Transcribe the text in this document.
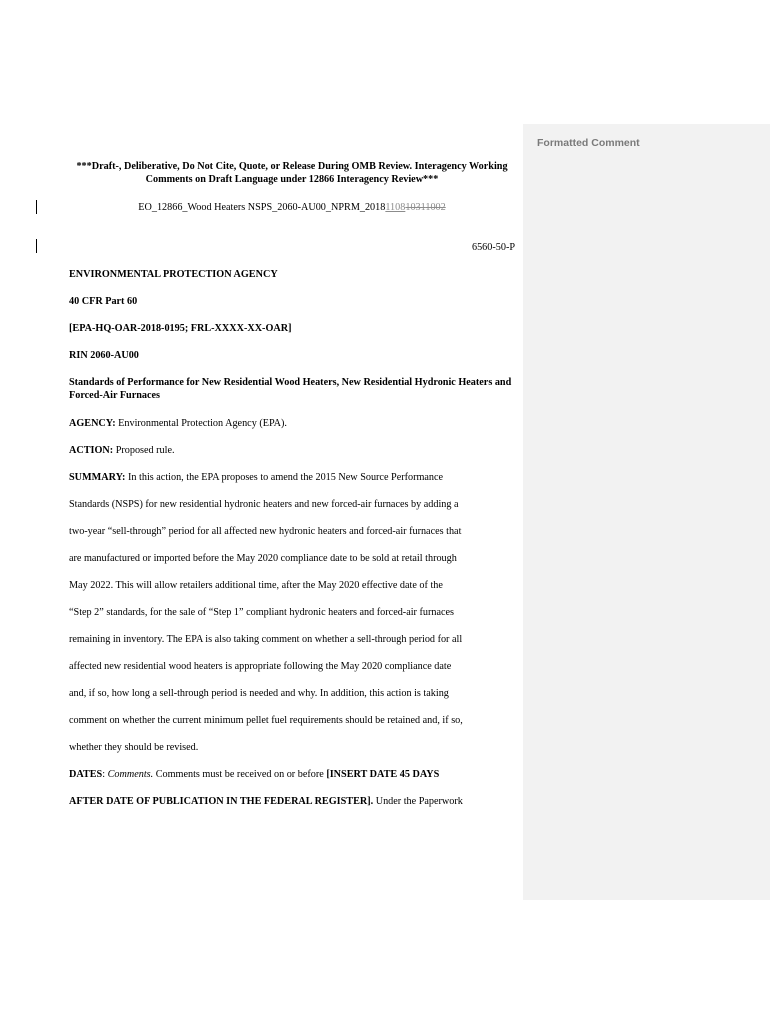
Formatted Comment
***Draft-, Deliberative, Do Not Cite, Quote, or Release During OMB Review. Interagency Working Comments on Draft Language under 12866 Interagency Review***
EO_12866_Wood Heaters NSPS_2060-AU00_NPRM_2018110810311002
6560-50-P
ENVIRONMENTAL PROTECTION AGENCY
40 CFR Part 60
[EPA-HQ-OAR-2018-0195; FRL-XXXX-XX-OAR]
RIN 2060-AU00
Standards of Performance for New Residential Wood Heaters, New Residential Hydronic Heaters and Forced-Air Furnaces
AGENCY: Environmental Protection Agency (EPA).
ACTION: Proposed rule.
SUMMARY: In this action, the EPA proposes to amend the 2015 New Source Performance
Standards (NSPS) for new residential hydronic heaters and new forced-air furnaces by adding a
two-year “sell-through” period for all affected new hydronic heaters and forced-air furnaces that
are manufactured or imported before the May 2020 compliance date to be sold at retail through
May 2022. This will allow retailers additional time, after the May 2020 effective date of the
“Step 2” standards, for the sale of “Step 1” compliant hydronic heaters and forced-air furnaces
remaining in inventory. The EPA is also taking comment on whether a sell-through period for all
affected new residential wood heaters is appropriate following the May 2020 compliance date
and, if so, how long a sell-through period is needed and why. In addition, this action is taking
comment on whether the current minimum pellet fuel requirements should be retained and, if so,
whether they should be revised.
DATES: Comments. Comments must be received on or before [INSERT DATE 45 DAYS
AFTER DATE OF PUBLICATION IN THE FEDERAL REGISTER]. Under the Paperwork
